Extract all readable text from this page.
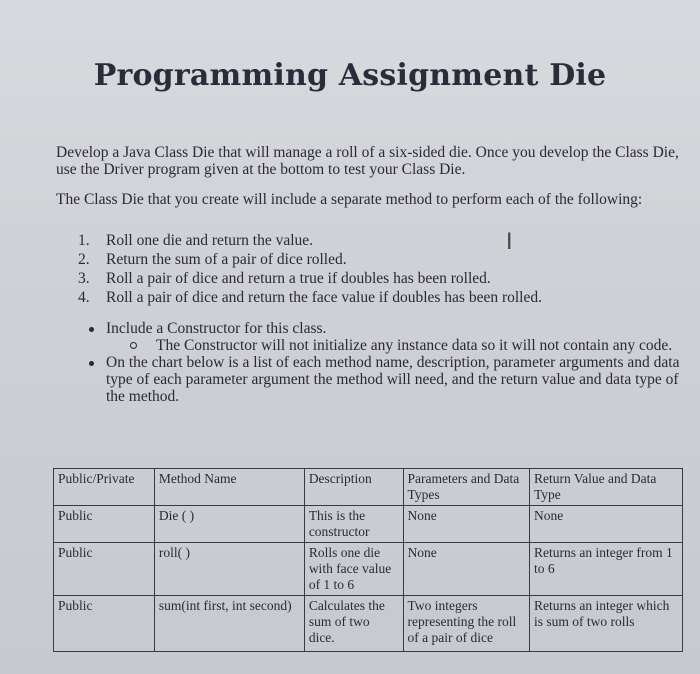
Programming Assignment Die
Develop a Java Class Die that will manage a roll of a six-sided die. Once you develop the Class Die, use the Driver program given at the bottom to test your Class Die.
The Class Die that you create will include a separate method to perform each of the following:
1. Roll one die and return the value.
2. Return the sum of a pair of dice rolled.
3. Roll a pair of dice and return a true if doubles has been rolled.
4. Roll a pair of dice and return the face value if doubles has been rolled.
I
Include a Constructor for this class.
The Constructor will not initialize any instance data so it will not contain any code.
On the chart below is a list of each method name, description, parameter arguments and data type of each parameter argument the method will need, and the return value and data type of the method.
Public/Private	Method Name	Description	Parameters and Data Types	Return Value and Data Type
Public	Die ( )	This is the constructor	None	None
Public	roll( )	Rolls one die with face value of 1 to 6	None	Returns an integer from 1 to 6
Public	sum(int first, int second)	Calculates the sum of two dice.	Two integers representing the roll of a pair of dice	Returns an integer which is sum of two rolls
